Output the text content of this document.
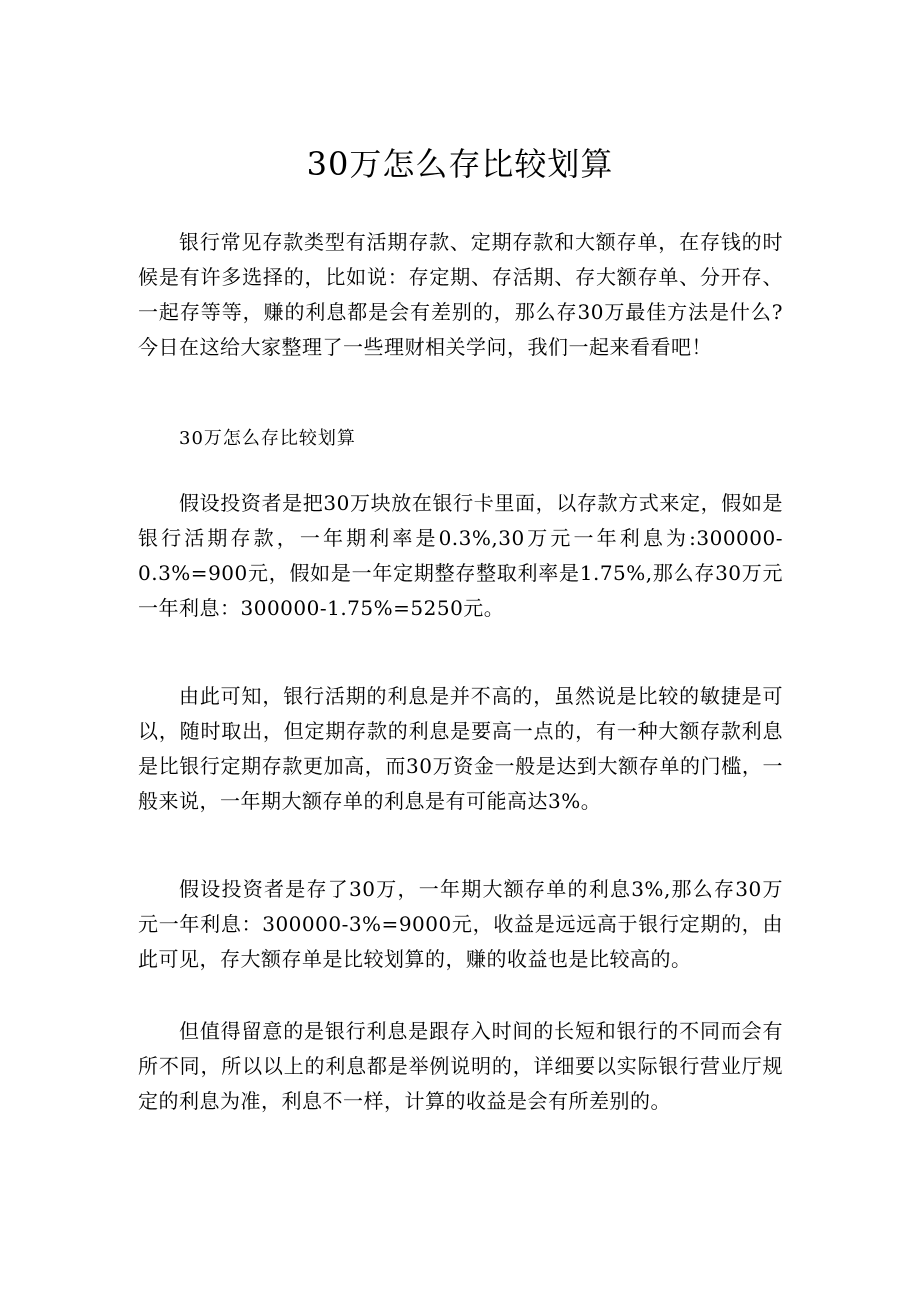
30万怎么存比较划算

银行常见存款类型有活期存款、定期存款和大额存单，在存钱的时候是有许多选择的，比如说：存定期、存活期、存大额存单、分开存、一起存等等，赚的利息都是会有差别的，那么存30万最佳方法是什么?今日在这给大家整理了一些理财相关学问，我们一起来看看吧！

30万怎么存比较划算

假设投资者是把30万块放在银行卡里面，以存款方式来定，假如是银行活期存款，一年期利率是0.3%,30万元一年利息为:300000-0.3%=900元，假如是一年定期整存整取利率是1.75%,那么存30万元一年利息：300000-1.75%=5250元。

由此可知，银行活期的利息是并不高的，虽然说是比较的敏捷是可以，随时取出，但定期存款的利息是要高一点的，有一种大额存款利息是比银行定期存款更加高，而30万资金一般是达到大额存单的门槛，一般来说，一年期大额存单的利息是有可能高达3%。

假设投资者是存了30万，一年期大额存单的利息3%,那么存30万元一年利息：300000-3%=9000元，收益是远远高于银行定期的，由此可见，存大额存单是比较划算的，赚的收益也是比较高的。

但值得留意的是银行利息是跟存入时间的长短和银行的不同而会有所不同，所以以上的利息都是举例说明的，详细要以实际银行营业厅规定的利息为准，利息不一样，计算的收益是会有所差别的。
